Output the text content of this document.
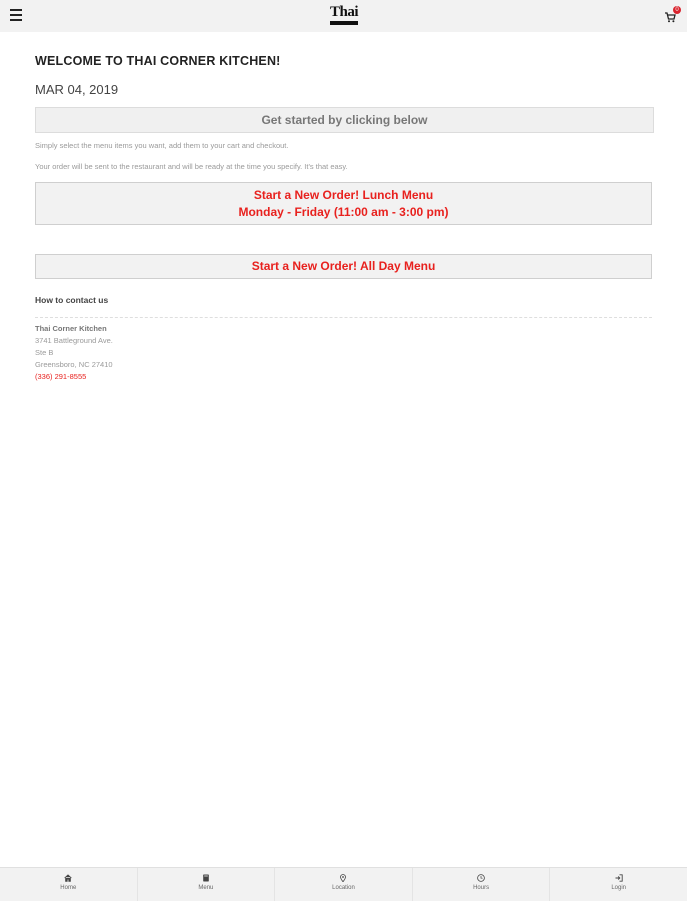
Thai	0
WELCOME TO THAI CORNER KITCHEN!
MAR 04, 2019
Get started by clicking below
Simply select the menu items you want, add them to your cart and checkout.
Your order will be sent to the restaurant and will be ready at the time you specify. It's that easy.
Start a New Order! Lunch Menu
Monday - Friday (11:00 am - 3:00 pm)
Start a New Order! All Day Menu
How to contact us
Thai Corner Kitchen
3741 Battleground Ave.
Ste B
Greensboro, NC 27410
(336) 291-8555
Home	Menu	Location	Hours	Login
